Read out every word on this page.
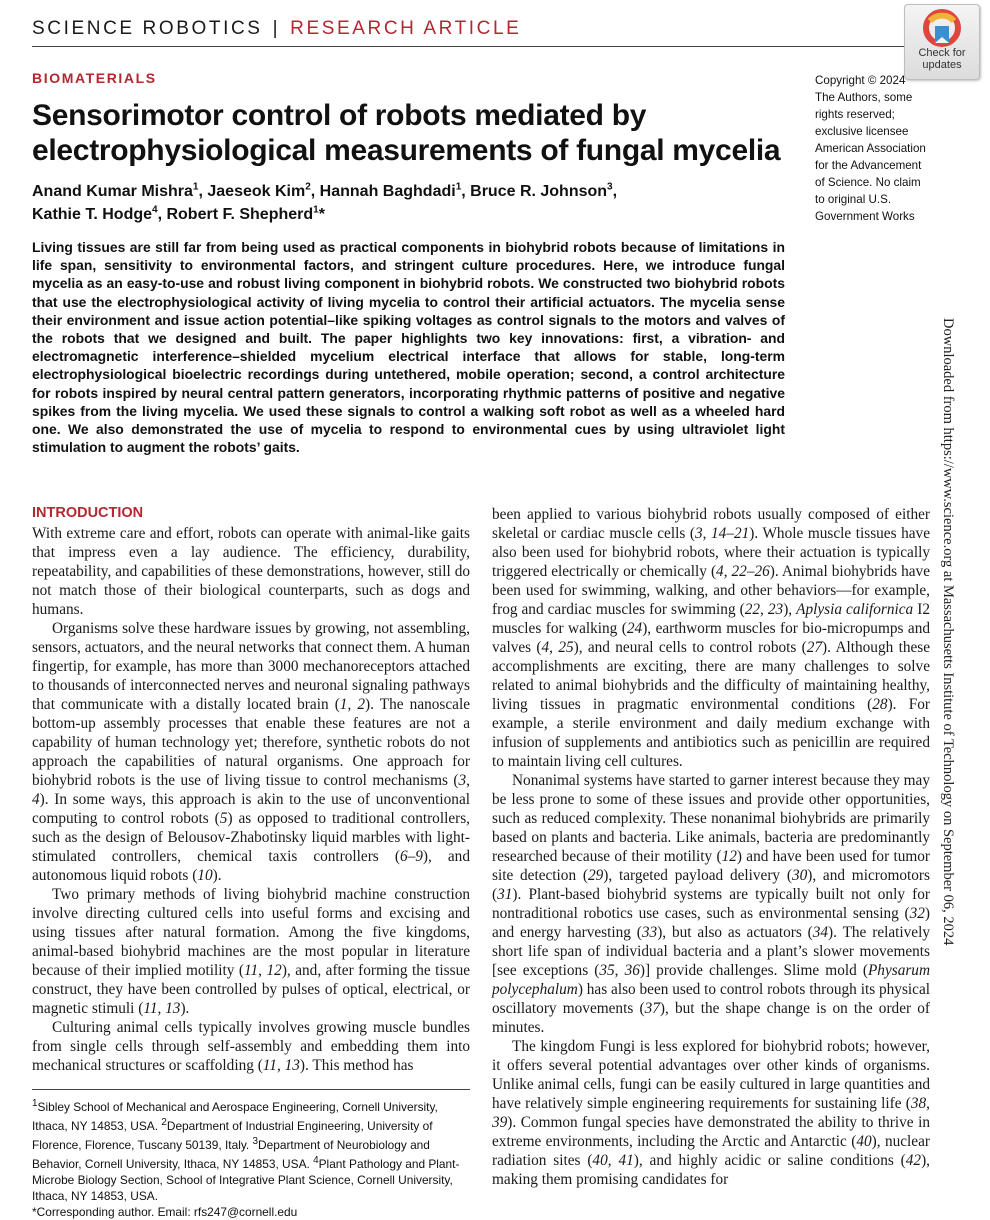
SCIENCE ROBOTICS | RESEARCH ARTICLE
Check for
updates
BIOMATERIALS
Sensorimotor control of robots mediated by
electrophysiological measurements of fungal mycelia
Anand Kumar Mishra$^1$, Jaeseok Kim$^2$, Hannah Baghdadi$^1$, Bruce R. Johnson$^3$,
Kathie T. Hodge$^4$, Robert F. Shepherd$^1$*
Copyright © 2024 The Authors, some rights reserved; exclusive licensee American Association for the Advancement of Science. No claim to original U.S. Government Works
Living tissues are still far from being used as practical components in biohybrid robots because of limitations in life span, sensitivity to environmental factors, and stringent culture procedures. Here, we introduce fungal mycelia as an easy-to-use and robust living component in biohybrid robots. We constructed two biohybrid robots that use the electrophysiological activity of living mycelia to control their artificial actuators. The mycelia sense their environment and issue action potential–like spiking voltages as control signals to the motors and valves of the robots that we designed and built. The paper highlights two key innovations: first, a vibration- and electromagnetic interference–shielded mycelium electrical interface that allows for stable, long-term electrophysiological bioelectric recordings during untethered, mobile operation; second, a control architecture for robots inspired by neural central pattern generators, incorporating rhythmic patterns of positive and negative spikes from the living mycelia. We used these signals to control a walking soft robot as well as a wheeled hard one. We also demonstrated the use of mycelia to respond to environmental cues by using ultraviolet light stimulation to augment the robots’ gaits.	Downloaded from https://www.science.org at Massachusetts Institute of Technology on September 06, 2024
INTRODUCTION

With extreme care and effort, robots can operate with animal-like gaits that impress even a lay audience. The efficiency, durability, repeatability, and capabilities of these demonstrations, however, still do not match those of their biological counterparts, such as dogs and humans.

Organisms solve these hardware issues by growing, not assembling, sensors, actuators, and the neural networks that connect them. A human fingertip, for example, has more than 3000 mechanoreceptors attached to thousands of interconnected nerves and neuronal signaling pathways that communicate with a distally located brain (1, 2). The nanoscale bottom-up assembly processes that enable these features are not a capability of human technology yet; therefore, synthetic robots do not approach the capabilities of natural organisms. One approach for biohybrid robots is the use of living tissue to control mechanisms (3, 4). In some ways, this approach is akin to the use of unconventional computing to control robots (5) as opposed to traditional controllers, such as the design of Belousov-Zhabotinsky liquid marbles with light-stimulated controllers, chemical taxis controllers (6–9), and autonomous liquid robots (10).

Two primary methods of living biohybrid machine construction involve directing cultured cells into useful forms and excising and using tissues after natural formation. Among the five kingdoms, animal-based biohybrid machines are the most popular in literature because of their implied motility (11, 12), and, after forming the tissue construct, they have been controlled by pulses of optical, electrical, or magnetic stimuli (11, 13).

Culturing animal cells typically involves growing muscle bundles from single cells through self-assembly and embedding them into mechanical structures or scaffolding (11, 13). This method has

been applied to various biohybrid robots usually composed of either skeletal or cardiac muscle cells (3, 14–21). Whole muscle tissues have also been used for biohybrid robots, where their actuation is typically triggered electrically or chemically (4, 22–26). Animal biohybrids have been used for swimming, walking, and other behaviors—for example, frog and cardiac muscles for swimming (22, 23), Aplysia californica I2 muscles for walking (24), earthworm muscles for bio-micropumps and valves (4, 25), and neural cells to control robots (27). Although these accomplishments are exciting, there are many challenges to solve related to animal biohybrids and the difficulty of maintaining healthy, living tissues in pragmatic environmental conditions (28). For example, a sterile environment and daily medium exchange with infusion of supplements and antibiotics such as penicillin are required to maintain living cell cultures.

Nonanimal systems have started to garner interest because they may be less prone to some of these issues and provide other opportunities, such as reduced complexity. These nonanimal biohybrids are primarily based on plants and bacteria. Like animals, bacteria are predominantly researched because of their motility (12) and have been used for tumor site detection (29), targeted payload delivery (30), and micromotors (31). Plant-based biohybrid systems are typically built not only for nontraditional robotics use cases, such as environmental sensing (32) and energy harvesting (33), but also as actuators (34). The relatively short life span of individual bacteria and a plant’s slower movements [see exceptions (35, 36)] provide challenges. Slime mold (Physarum polycephalum) has also been used to control robots through its physical oscillatory movements (37), but the shape change is on the order of minutes.

The kingdom Fungi is less explored for biohybrid robots; however, it offers several potential advantages over other kinds of organisms. Unlike animal cells, fungi can be easily cultured in large quantities and have relatively simple engineering requirements for sustaining life (38, 39). Common fungal species have demonstrated the ability to thrive in extreme environments, including the Arctic and Antarctic (40), nuclear radiation sites (40, 41), and highly acidic or saline conditions (42), making them promising candidates for

$^1$Sibley School of Mechanical and Aerospace Engineering, Cornell University, Ithaca, NY 14853, USA. $^2$Department of Industrial Engineering, University of Florence, Florence, Tuscany 50139, Italy. $^3$Department of Neurobiology and Behavior, Cornell University, Ithaca, NY 14853, USA. $^4$Plant Pathology and Plant-Microbe Biology Section, School of Integrative Plant Science, Cornell University, Ithaca, NY 14853, USA.
*Corresponding author. Email: rfs247@cornell.edu
